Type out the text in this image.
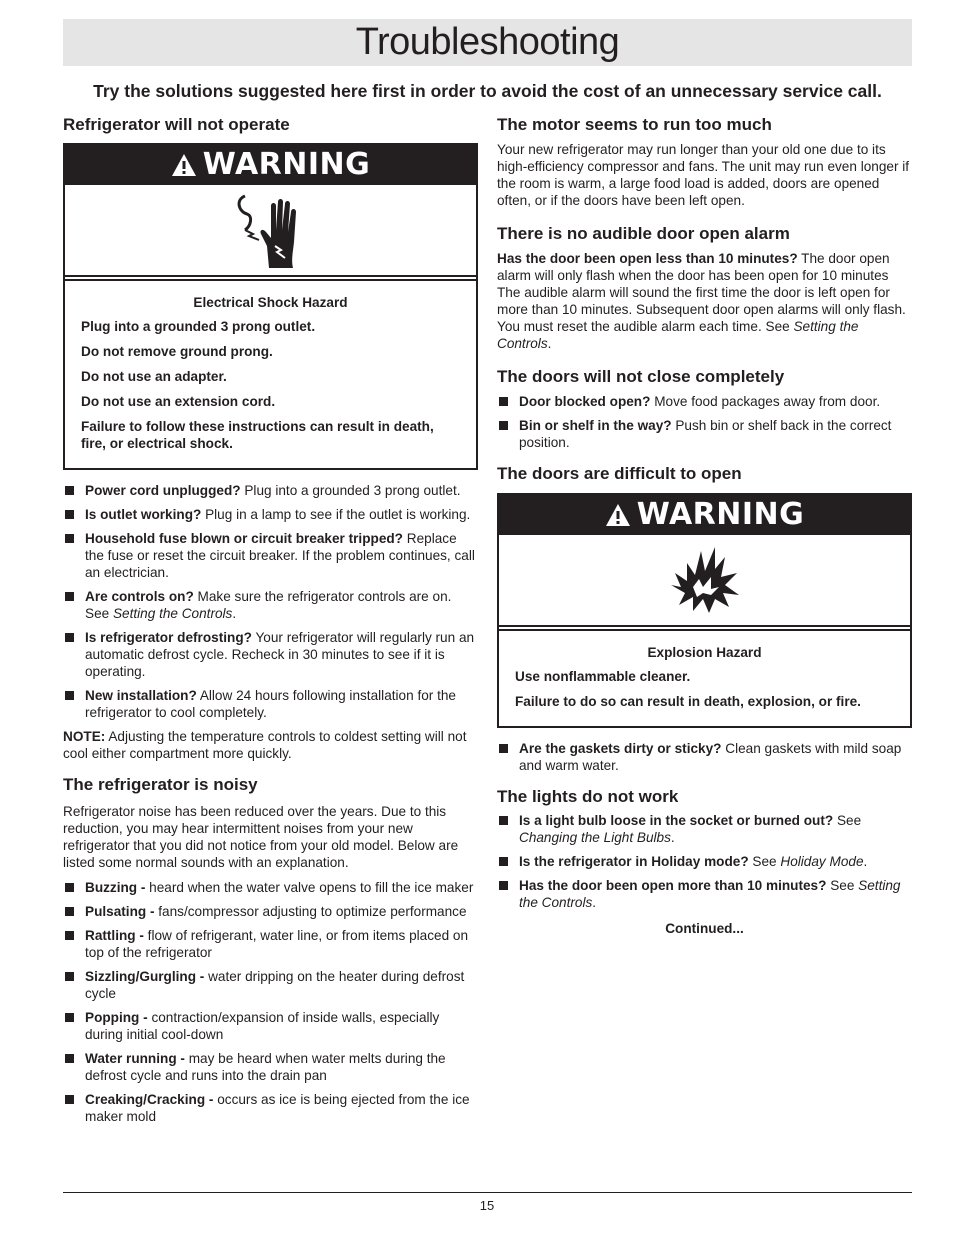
Troubleshooting
Try the solutions suggested here first in order to avoid the cost of an unnecessary service call.
Refrigerator will not operate
WARNING
Electrical Shock Hazard
Plug into a grounded 3 prong outlet.
Do not remove ground prong.
Do not use an adapter.
Do not use an extension cord.
Failure to follow these instructions can result in death, fire, or electrical shock.
Power cord unplugged? Plug into a grounded 3 prong outlet.
Is outlet working? Plug in a lamp to see if the outlet is working.
Household fuse blown or circuit breaker tripped? Replace the fuse or reset the circuit breaker. If the problem continues, call an electrician.
Are controls on? Make sure the refrigerator controls are on. See Setting the Controls.
Is refrigerator defrosting? Your refrigerator will regularly run an automatic defrost cycle. Recheck in 30 minutes to see if it is operating.
New installation? Allow 24 hours following installation for the refrigerator to cool completely.

NOTE: Adjusting the temperature controls to coldest setting will not cool either compartment more quickly.

The refrigerator is noisy

Refrigerator noise has been reduced over the years. Due to this reduction, you may hear intermittent noises from your new refrigerator that you did not notice from your old model. Below are listed some normal sounds with an explanation.

Buzzing - heard when the water valve opens to fill the ice maker
Pulsating - fans/compressor adjusting to optimize performance
Rattling - flow of refrigerant, water line, or from items placed on top of the refrigerator
Sizzling/Gurgling - water dripping on the heater during defrost cycle
Popping - contraction/expansion of inside walls, especially during initial cool-down
Water running - may be heard when water melts during the defrost cycle and runs into the drain pan
Creaking/Cracking - occurs as ice is being ejected from the ice maker mold
The motor seems to run too much

Your new refrigerator may run longer than your old one due to its high-efficiency compressor and fans. The unit may run even longer if the room is warm, a large food load is added, doors are opened often, or if the doors have been left open.

There is no audible door open alarm

Has the door been open less than 10 minutes? The door open alarm will only flash when the door has been open for 10 minutes The audible alarm will sound the first time the door is left open for more than 10 minutes. Subsequent door open alarms will only flash. You must reset the audible alarm each time. See Setting the Controls.

The doors will not close completely
Door blocked open? Move food packages away from door.
Bin or shelf in the way? Push bin or shelf back in the correct position.
The doors are difficult to open
WARNING
Explosion Hazard
Use nonflammable cleaner.
Failure to do so can result in death, explosion, or fire.
Are the gaskets dirty or sticky? Clean gaskets with mild soap and warm water.
The lights do not work
Is a light bulb loose in the socket or burned out? See Changing the Light Bulbs.
Is the refrigerator in Holiday mode? See Holiday Mode.
Has the door been open more than 10 minutes? See Setting the Controls.
Continued...
15
